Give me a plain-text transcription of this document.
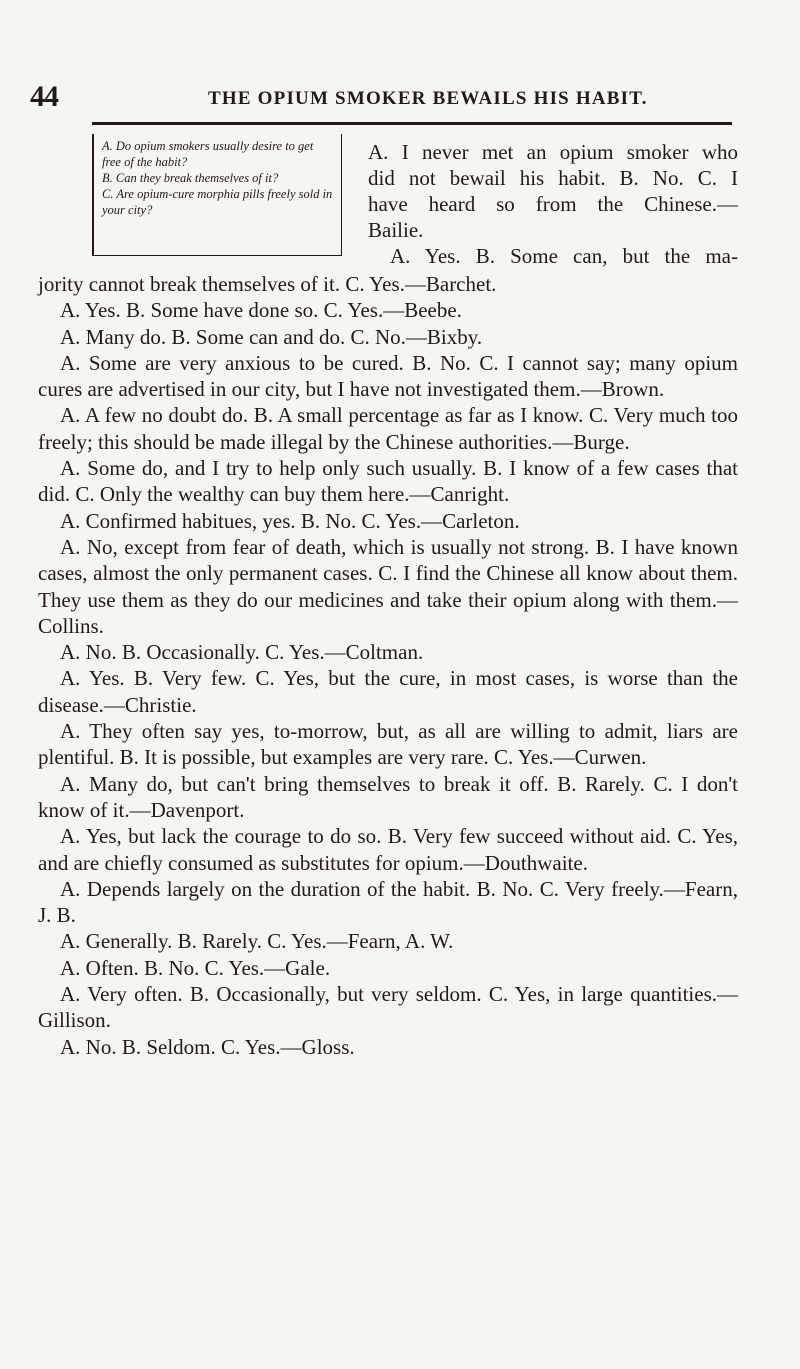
44	THE OPIUM SMOKER BEWAILS HIS HABIT.

A. Do opium smokers usually desire to get free of the habit?

B. Can they break themselves of it?

C. Are opium-cure morphia pills freely sold in your city?

A. I never met an opium smoker who
did not bewail his habit. B. No. C. I
have heard so from the Chinese.—
Bailie.
A. Yes. B. Some can, but the ma-

jority cannot break themselves of it. C. Yes.—Barchet.

A. Yes. B. Some have done so. C. Yes.—Beebe.

A. Many do. B. Some can and do. C. No.—Bixby.

A. Some are very anxious to be cured. B. No. C. I cannot say; many opium cures are advertised in our city, but I have not investigated them.—Brown.

A. A few no doubt do. B. A small percentage as far as I know. C. Very much too freely; this should be made illegal by the Chinese authorities.—Burge.

A. Some do, and I try to help only such usually. B. I know of a few cases that did. C. Only the wealthy can buy them here.—Canright.

A. Confirmed habitues, yes. B. No. C. Yes.—Carleton.

A. No, except from fear of death, which is usually not strong. B. I have known cases, almost the only permanent cases. C. I find the Chinese all know about them. They use them as they do our medicines and take their opium along with them.—Collins.

A. No. B. Occasionally. C. Yes.—Coltman.

A. Yes. B. Very few. C. Yes, but the cure, in most cases, is worse than the disease.—Christie.

A. They often say yes, to-morrow, but, as all are willing to admit, liars are plentiful. B. It is possible, but examples are very rare. C. Yes.—Curwen.

A. Many do, but can't bring themselves to break it off. B. Rarely. C. I don't know of it.—Davenport.

A. Yes, but lack the courage to do so. B. Very few succeed without aid. C. Yes, and are chiefly consumed as substitutes for opium.—Douthwaite.

A. Depends largely on the duration of the habit. B. No. C. Very freely.—Fearn, J. B.

A. Generally. B. Rarely. C. Yes.—Fearn, A. W.

A. Often. B. No. C. Yes.—Gale.

A. Very often. B. Occasionally, but very seldom. C. Yes, in large quantities.—Gillison.

A. No. B. Seldom. C. Yes.—Gloss.
